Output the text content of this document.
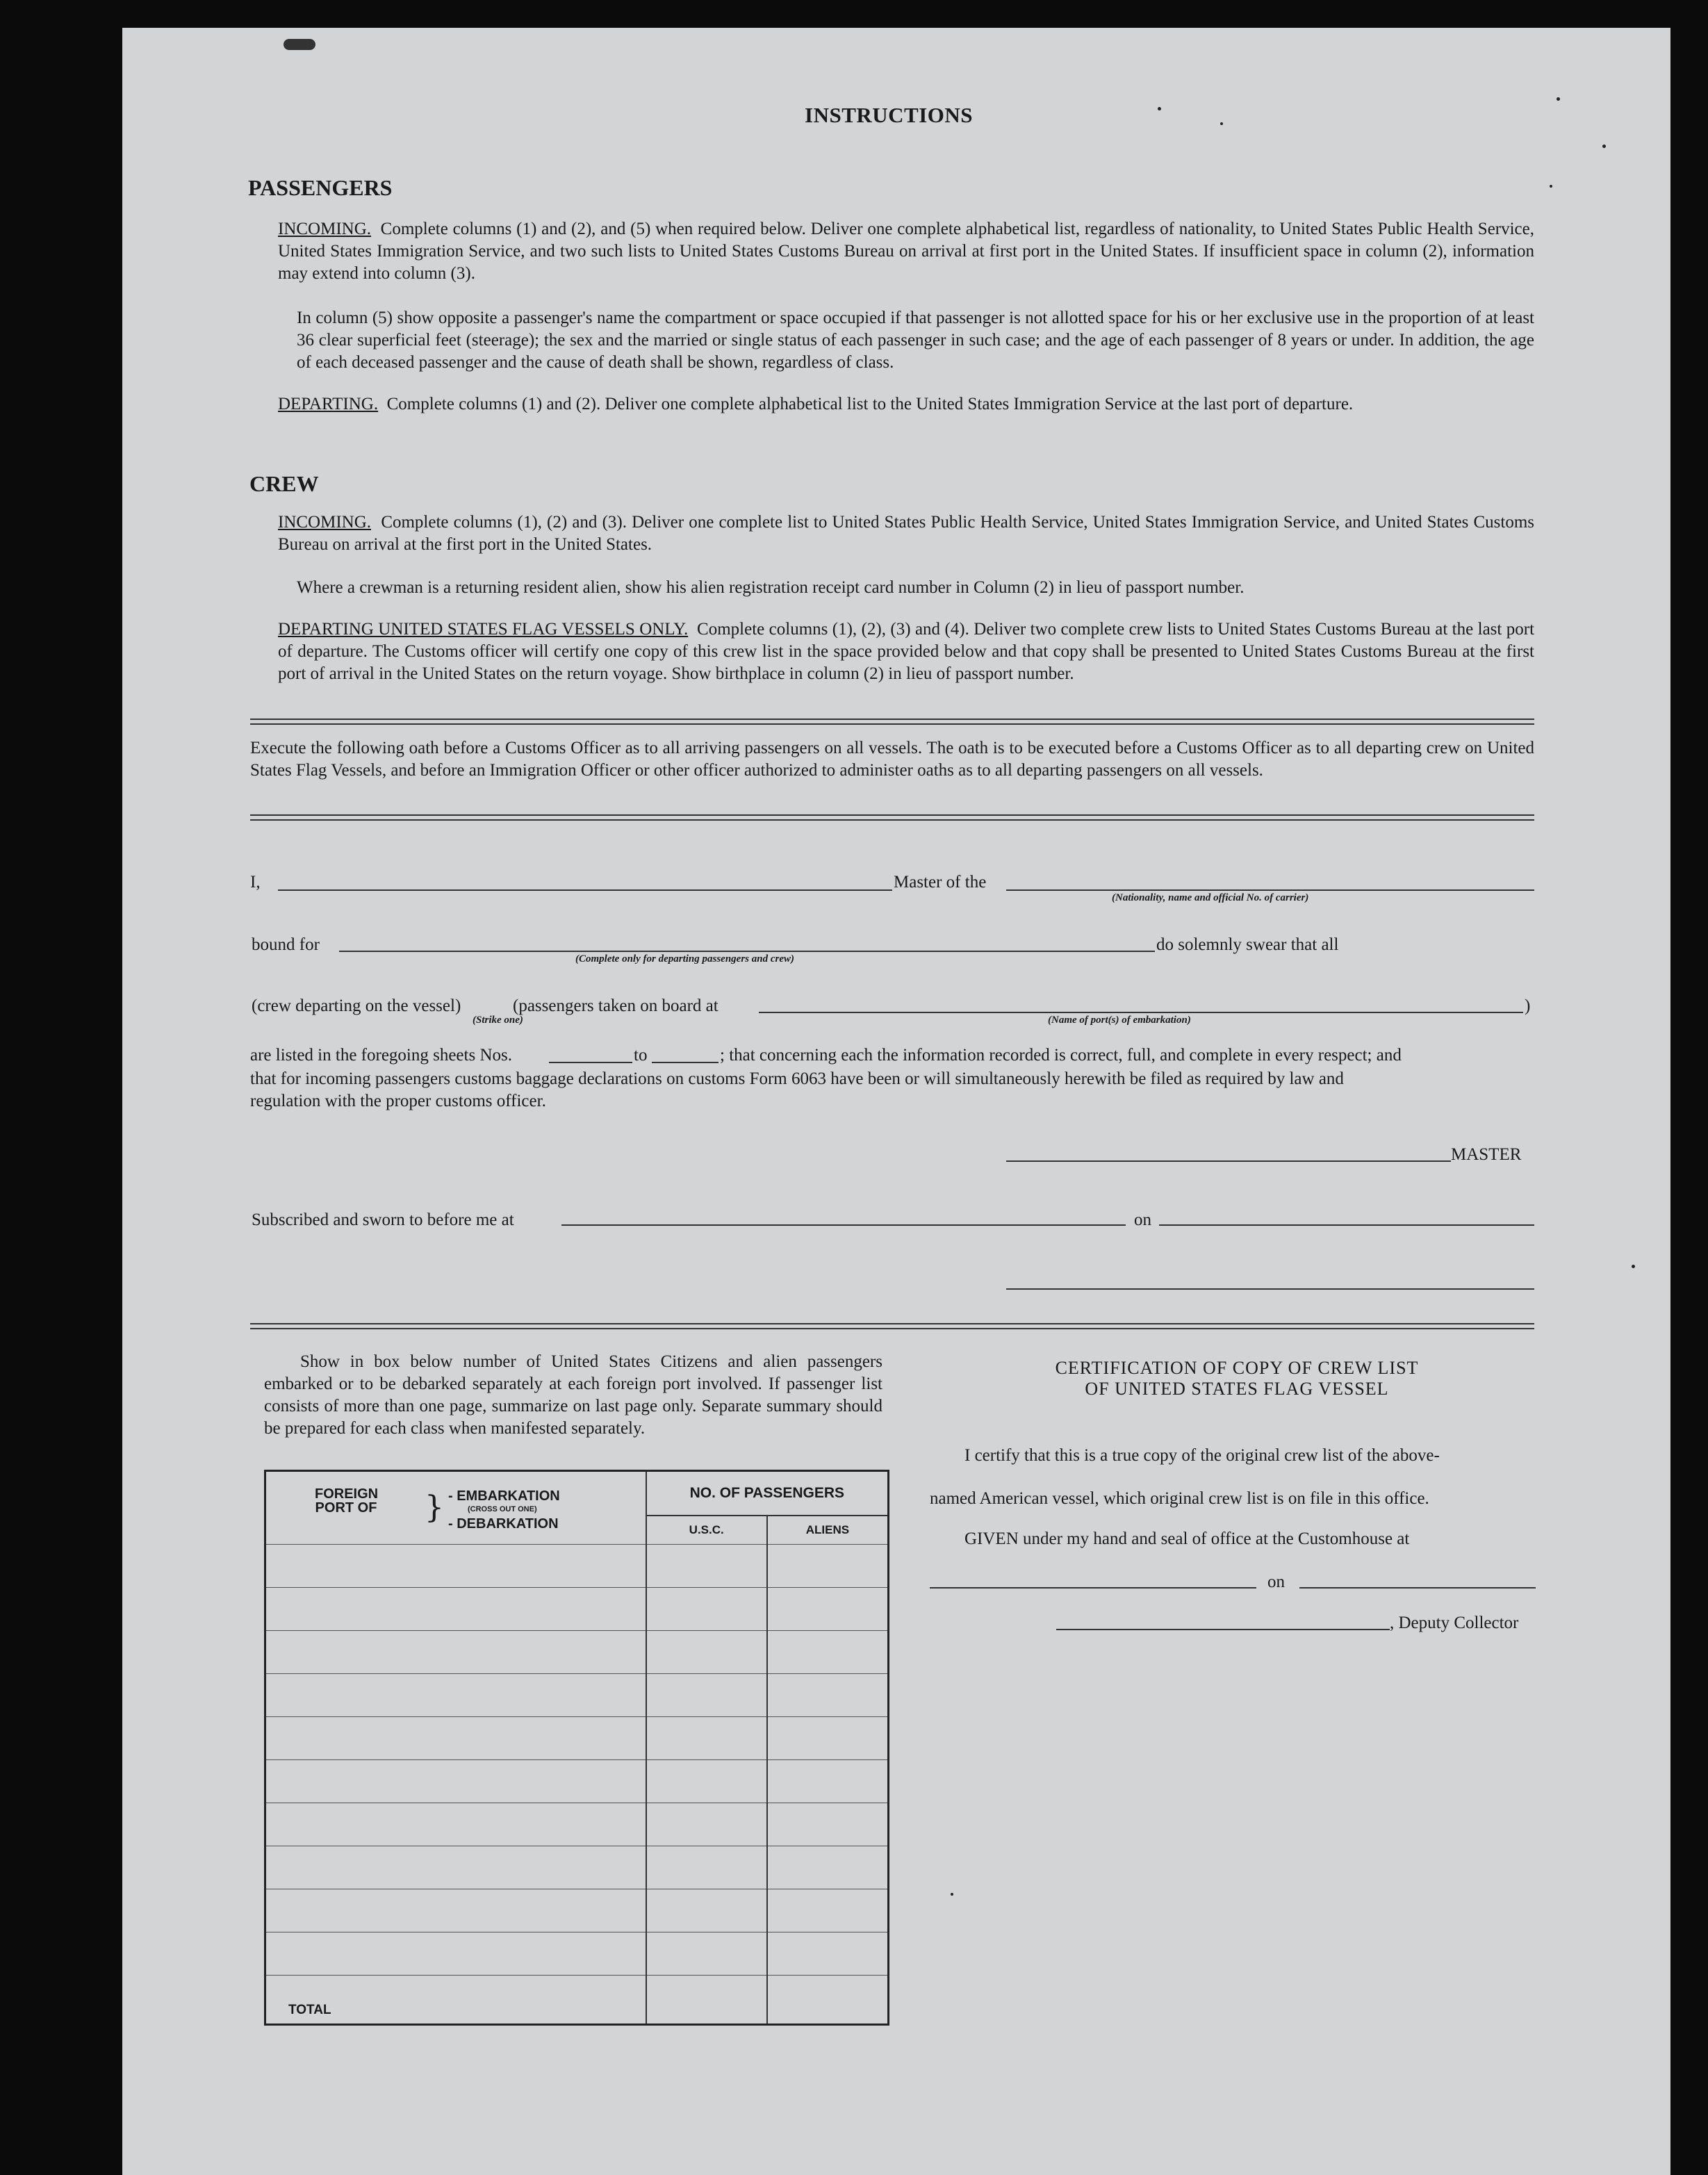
INSTRUCTIONS
PASSENGERS
INCOMING. Complete columns (1) and (2), and (5) when required below. Deliver one complete alphabetical list, regardless of nationality, to United States Public Health Service, United States Immigration Service, and two such lists to United States Customs Bureau on arrival at first port in the United States. If insufficient space in column (2), information may extend into column (3).
In column (5) show opposite a passenger's name the compartment or space occupied if that passenger is not allotted space for his or her exclusive use in the proportion of at least 36 clear superficial feet (steerage); the sex and the married or single status of each passenger in such case; and the age of each passenger of 8 years or under. In addition, the age of each deceased passenger and the cause of death shall be shown, regardless of class.
DEPARTING. Complete columns (1) and (2). Deliver one complete alphabetical list to the United States Immigration Service at the last port of departure.
CREW
INCOMING. Complete columns (1), (2) and (3). Deliver one complete list to United States Public Health Service, United States Immigration Service, and United States Customs Bureau on arrival at the first port in the United States.
Where a crewman is a returning resident alien, show his alien registration receipt card number in Column (2) in lieu of passport number.
DEPARTING UNITED STATES FLAG VESSELS ONLY. Complete columns (1), (2), (3) and (4). Deliver two complete crew lists to United States Customs Bureau at the last port of departure. The Customs officer will certify one copy of this crew list in the space provided below and that copy shall be presented to United States Customs Bureau at the first port of arrival in the United States on the return voyage. Show birthplace in column (2) in lieu of passport number.
Execute the following oath before a Customs Officer as to all arriving passengers on all vessels. The oath is to be executed before a Customs Officer as to all departing crew on United States Flag Vessels, and before an Immigration Officer or other officer authorized to administer oaths as to all departing passengers on all vessels.
I,	Master of the
(Nationality, name and official No. of carrier)
bound for
(Complete only for departing passengers and crew)
do solemnly swear that all
(crew departing on the vessel)	(passengers taken on board at	)
(Strike one)	(Name of port(s) of embarkation)
are listed in the foregoing sheets Nos.	to	; that concerning each the information recorded is correct, full, and complete in every respect; and
that for incoming passengers customs baggage declarations on customs Form 6063 have been or will simultaneously herewith be filed as required by law and
regulation with the proper customs officer.
MASTER
Subscribed and sworn to before me at	on
Show in box below number of United States Citizens and alien passengers embarked or to be debarked separately at each foreign port involved. If passenger list consists of more than one page, summarize on last page only. Separate summary should be prepared for each class when manifested separately.
FOREIGN PORT OF } - EMBARKATION
(CROSS OUT ONE)
- DEBARKATION	NO. OF PASSENGERS	
	U.S.C.	ALIENS

TOTAL		
CERTIFICATION OF COPY OF CREW LIST
OF UNITED STATES FLAG VESSEL
I certify that this is a true copy of the original crew list of the above-
named American vessel, which original crew list is on file in this office.
GIVEN under my hand and seal of office at the Customhouse at
on
, Deputy Collector
